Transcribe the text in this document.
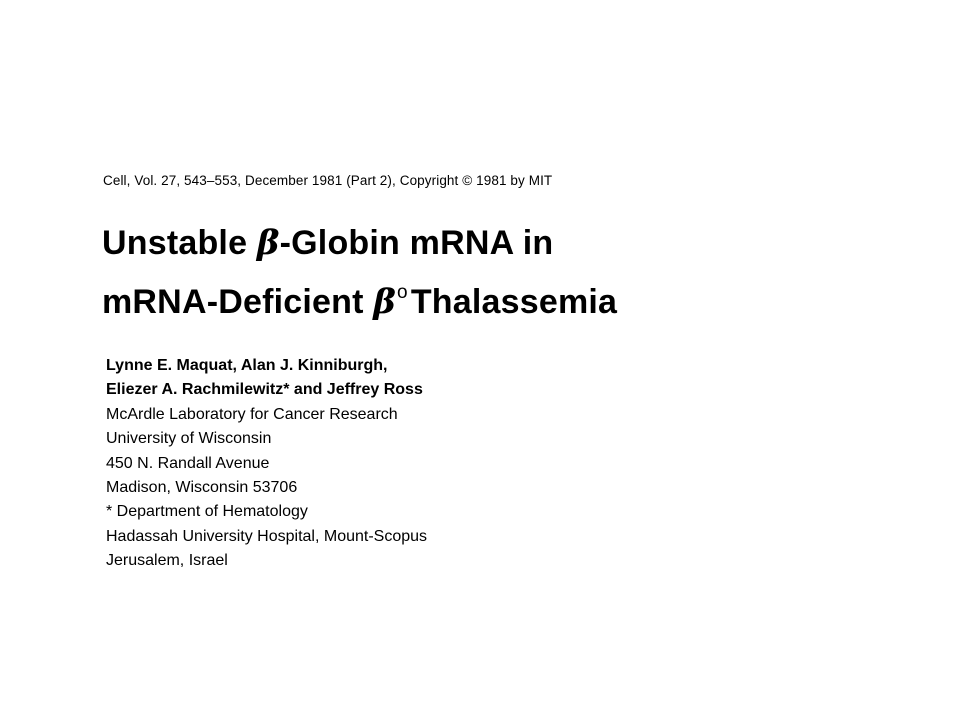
Cell, Vol. 27, 543–553, December 1981 (Part 2), Copyright © 1981 by MIT
Unstable β-Globin mRNA in
mRNA-Deficient $\beta^oThalassemia$
Lynne E. Maquat, Alan J. Kinniburgh,
Eliezer A. Rachmilewitz* and Jeffrey Ross
McArdle Laboratory for Cancer Research
University of Wisconsin
450 N. Randall Avenue
Madison, Wisconsin 53706
* Department of Hematology
Hadassah University Hospital, Mount-Scopus
Jerusalem, Israel
